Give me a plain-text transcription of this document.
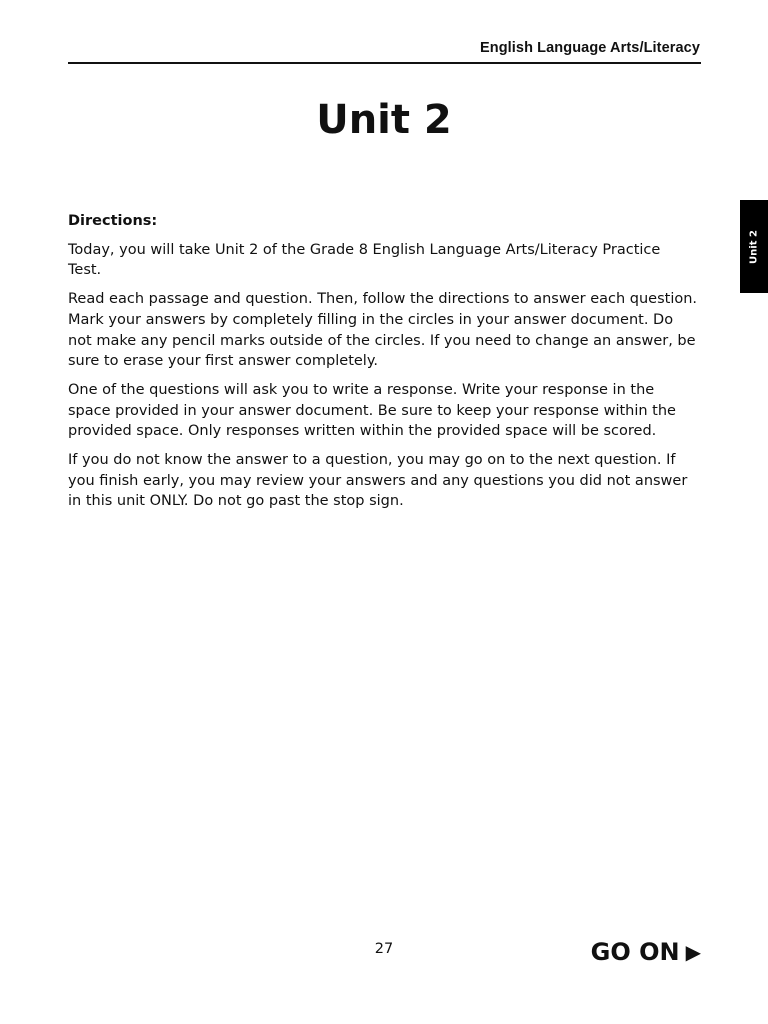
English Language Arts/Literacy
Unit 2
Unit 2
Directions:

Today, you will take Unit 2 of the Grade 8 English Language Arts/Literacy Practice Test.

Read each passage and question. Then, follow the directions to answer each question. Mark your answers by completely filling in the circles in your answer document. Do not make any pencil marks outside of the circles. If you need to change an answer, be sure to erase your first answer completely.

One of the questions will ask you to write a response. Write your response in the space provided in your answer document. Be sure to keep your response within the provided space. Only responses written within the provided space will be scored.

If you do not know the answer to a question, you may go on to the next question. If you finish early, you may review your answers and any questions you did not answer in this unit ONLY. Do not go past the stop sign.

27	GO ON ▶
